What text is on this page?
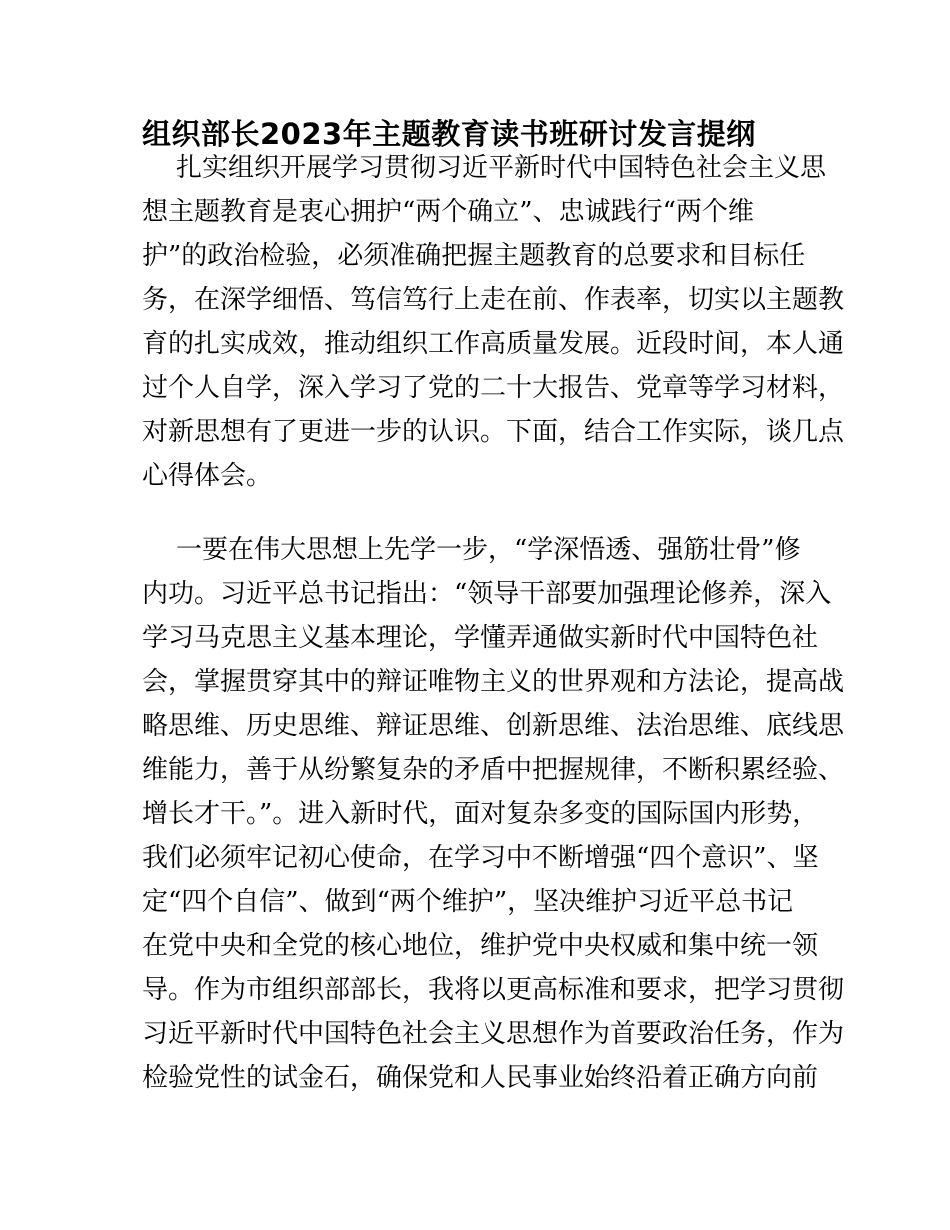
组织部长2023年主题教育读书班研讨发言提纲
扎实组织开展学习贯彻习近平新时代中国特色社会主义思
想主题教育是衷心拥护“两个确立”、忠诚践行“两个维
护”的政治检验，必须准确把握主题教育的总要求和目标任
务，在深学细悟、笃信笃行上走在前、作表率，切实以主题教
育的扎实成效，推动组织工作高质量发展。近段时间，本人通
过个人自学，深入学习了党的二十大报告、党章等学习材料，
对新思想有了更进一步的认识。下面，结合工作实际，谈几点
心得体会。
一要在伟大思想上先学一步，“学深悟透、强筋壮骨”修
内功。习近平总书记指出：“领导干部要加强理论修养，深入
学习马克思主义基本理论，学懂弄通做实新时代中国特色社
会，掌握贯穿其中的辩证唯物主义的世界观和方法论，提高战
略思维、历史思维、辩证思维、创新思维、法治思维、底线思
维能力，善于从纷繁复杂的矛盾中把握规律，不断积累经验、
增长才干。”。进入新时代，面对复杂多变的国际国内形势，
我们必须牢记初心使命，在学习中不断增强“四个意识”、坚
定“四个自信”、做到“两个维护”，坚决维护习近平总书记
在党中央和全党的核心地位，维护党中央权威和集中统一领
导。作为市组织部部长，我将以更高标准和要求，把学习贯彻
习近平新时代中国特色社会主义思想作为首要政治任务，作为
检验党性的试金石，确保党和人民事业始终沿着正确方向前
